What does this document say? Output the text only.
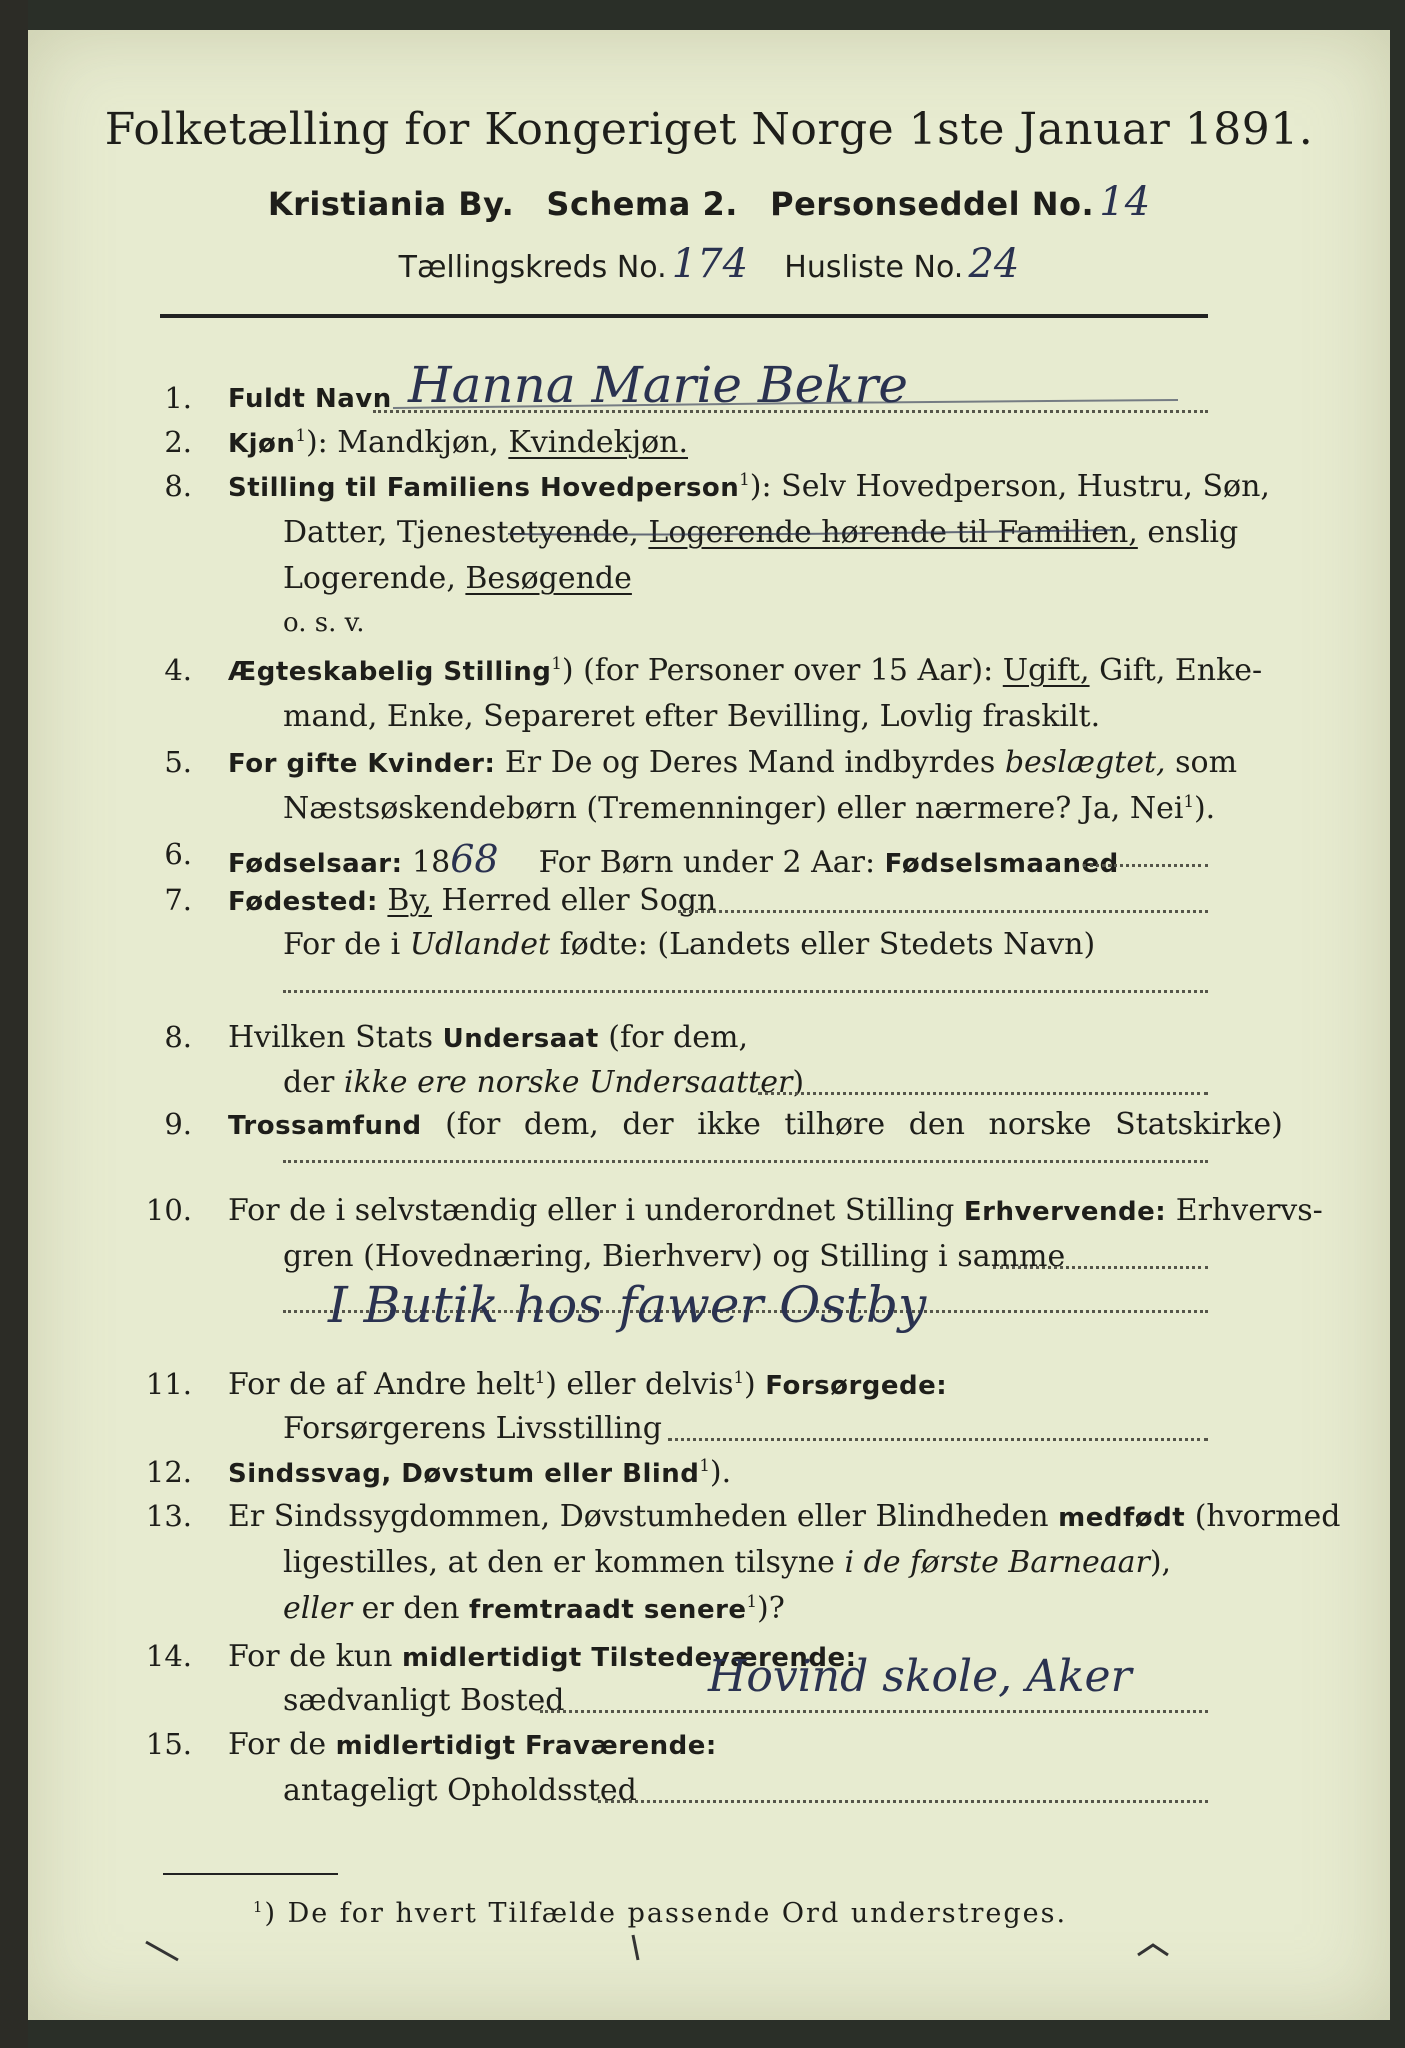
Folketælling for Kongeriget Norge 1ste Januar 1891.
Kristiania By. Schema 2. Personseddel No. 14
Tællingskreds No. 174 Husliste No. 24
1. Fuldt Navn Hanna Marie Bekre
2. Kjøn$^1$): Mandkjøn, Kvindekjøn.
8. Stilling til Familiens Hovedperson$^1$): Selv Hovedperson, Hustru, Søn,
Datter, Tjenestetyende, Logerende hørende til Familien, enslig
Logerende, Besøgende
o. s. v.
4. Ægteskabelig Stilling$^1$) (for Personer over 15 Aar): Ugift, Gift, Enke-
mand, Enke, Separeret efter Bevilling, Lovlig fraskilt.
5. For gifte Kvinder: Er De og Deres Mand indbyrdes beslægtet, som
Næstsøskendebørn (Tremenninger) eller nærmere? Ja, Nei$^1$).
6. Fødselsaar: 1868 For Børn under 2 Aar: Fødselsmaaned
7. Fødested: By, Herred eller Sogn
For de i Udlandet fødte: (Landets eller Stedets Navn)
8. Hvilken Stats Undersaat (for dem,
der ikke ere norske Undersaatter)
9. Trossamfund (for dem, der ikke tilhøre den norske Statskirke)
10. For de i selvstændig eller i underordnet Stilling Erhvervende: Erhvervs-
gren (Hovednæring, Bierhverv) og Stilling i samme
I Butik hos fawer Ostby
11. For de af Andre helt$^1$) eller delvis$^1$) Forsørgede:
Forsørgerens Livsstilling
12. Sindssvag, Døvstum eller Blind$^1$).
13. Er Sindssygdommen, Døvstumheden eller Blindheden medfødt (hvormed
ligestilles, at den er kommen tilsyne i de første Barneaar),
eller er den fremtraadt senere$^1$)?
14. For de kun midlertidigt Tilstedeværende:
sædvanligt Bosted	Hovind skole, Aker
15. For de midlertidigt Fraværende:
antageligt Opholdssted
$^1$) De for hvert Tilfælde passende Ord understreges.
